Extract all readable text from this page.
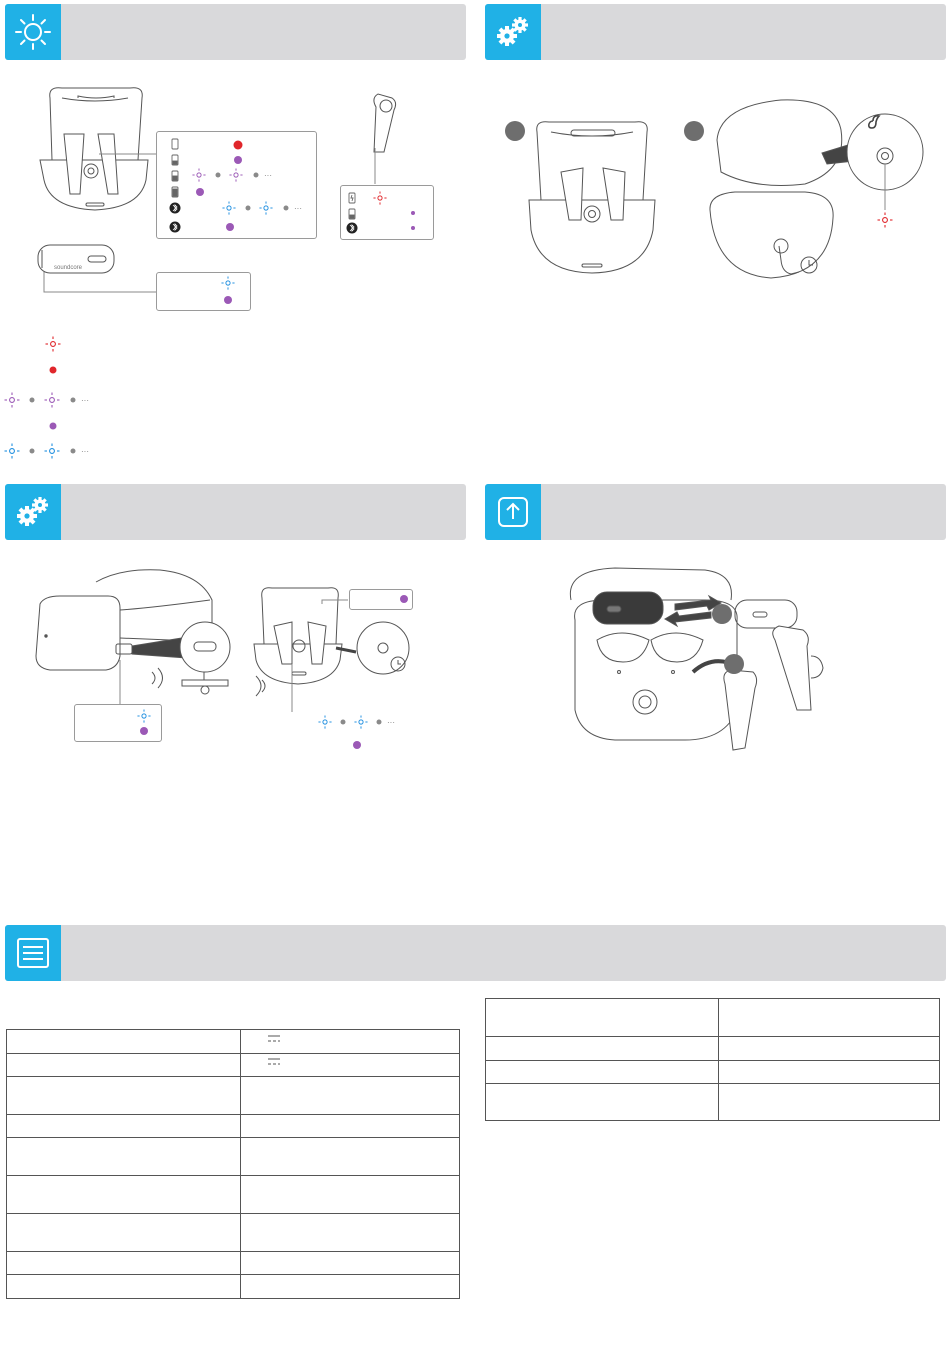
soundcore
···
···
···
···
···
